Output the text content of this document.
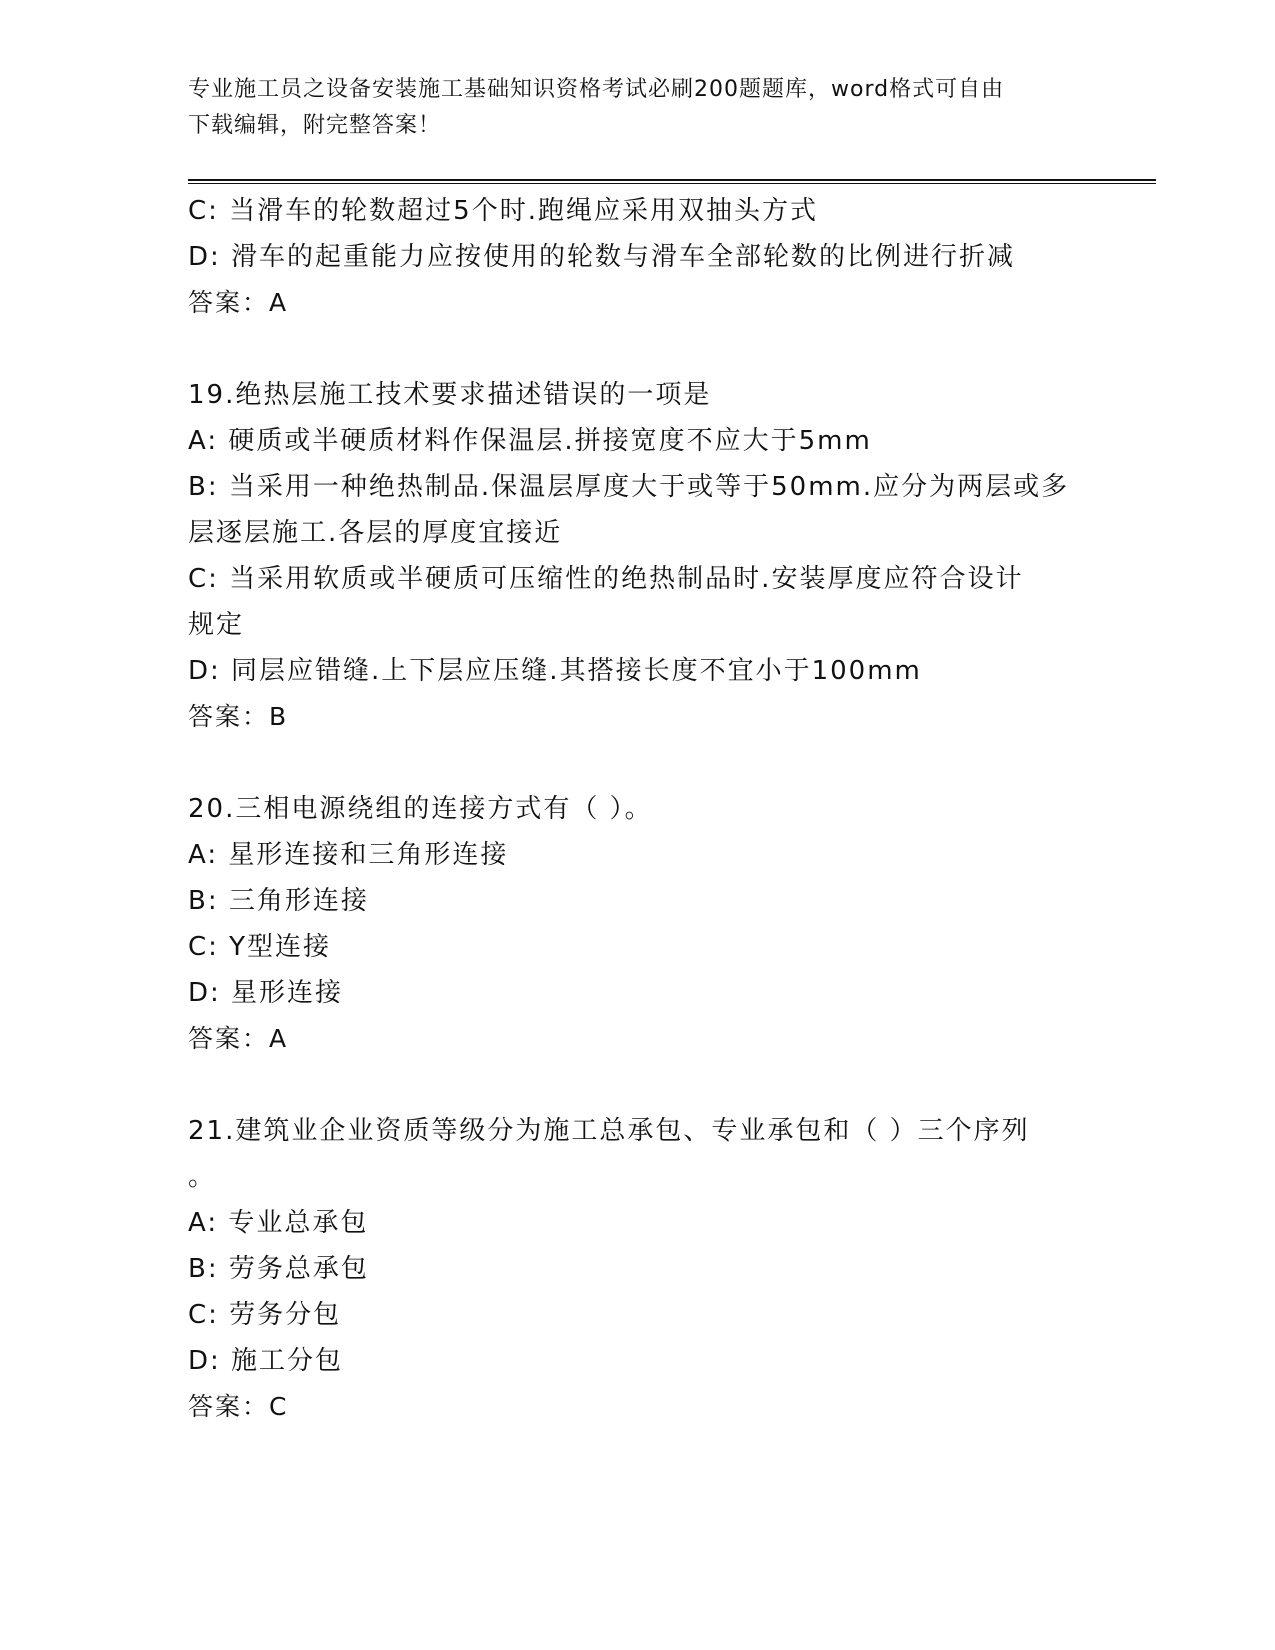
专业施工员之设备安装施工基础知识资格考试必刷200题题库，word格式可自由
下载编辑，附完整答案！
C: 当滑车的轮数超过5个时.跑绳应采用双抽头方式
D: 滑车的起重能力应按使用的轮数与滑车全部轮数的比例进行折减
答案：A
19.绝热层施工技术要求描述错误的一项是
A: 硬质或半硬质材料作保温层.拼接宽度不应大于5mm
B: 当采用一种绝热制品.保温层厚度大于或等于50mm.应分为两层或多
层逐层施工.各层的厚度宜接近
C: 当采用软质或半硬质可压缩性的绝热制品时.安装厚度应符合设计
规定
D: 同层应错缝.上下层应压缝.其搭接长度不宜小于100mm
答案：B
20.三相电源绕组的连接方式有（ ）。
A: 星形连接和三角形连接
B: 三角形连接
C: Y型连接
D: 星形连接
答案：A
21.建筑业企业资质等级分为施工总承包、专业承包和（ ）三个序列
。
A: 专业总承包
B: 劳务总承包
C: 劳务分包
D: 施工分包
答案：C
